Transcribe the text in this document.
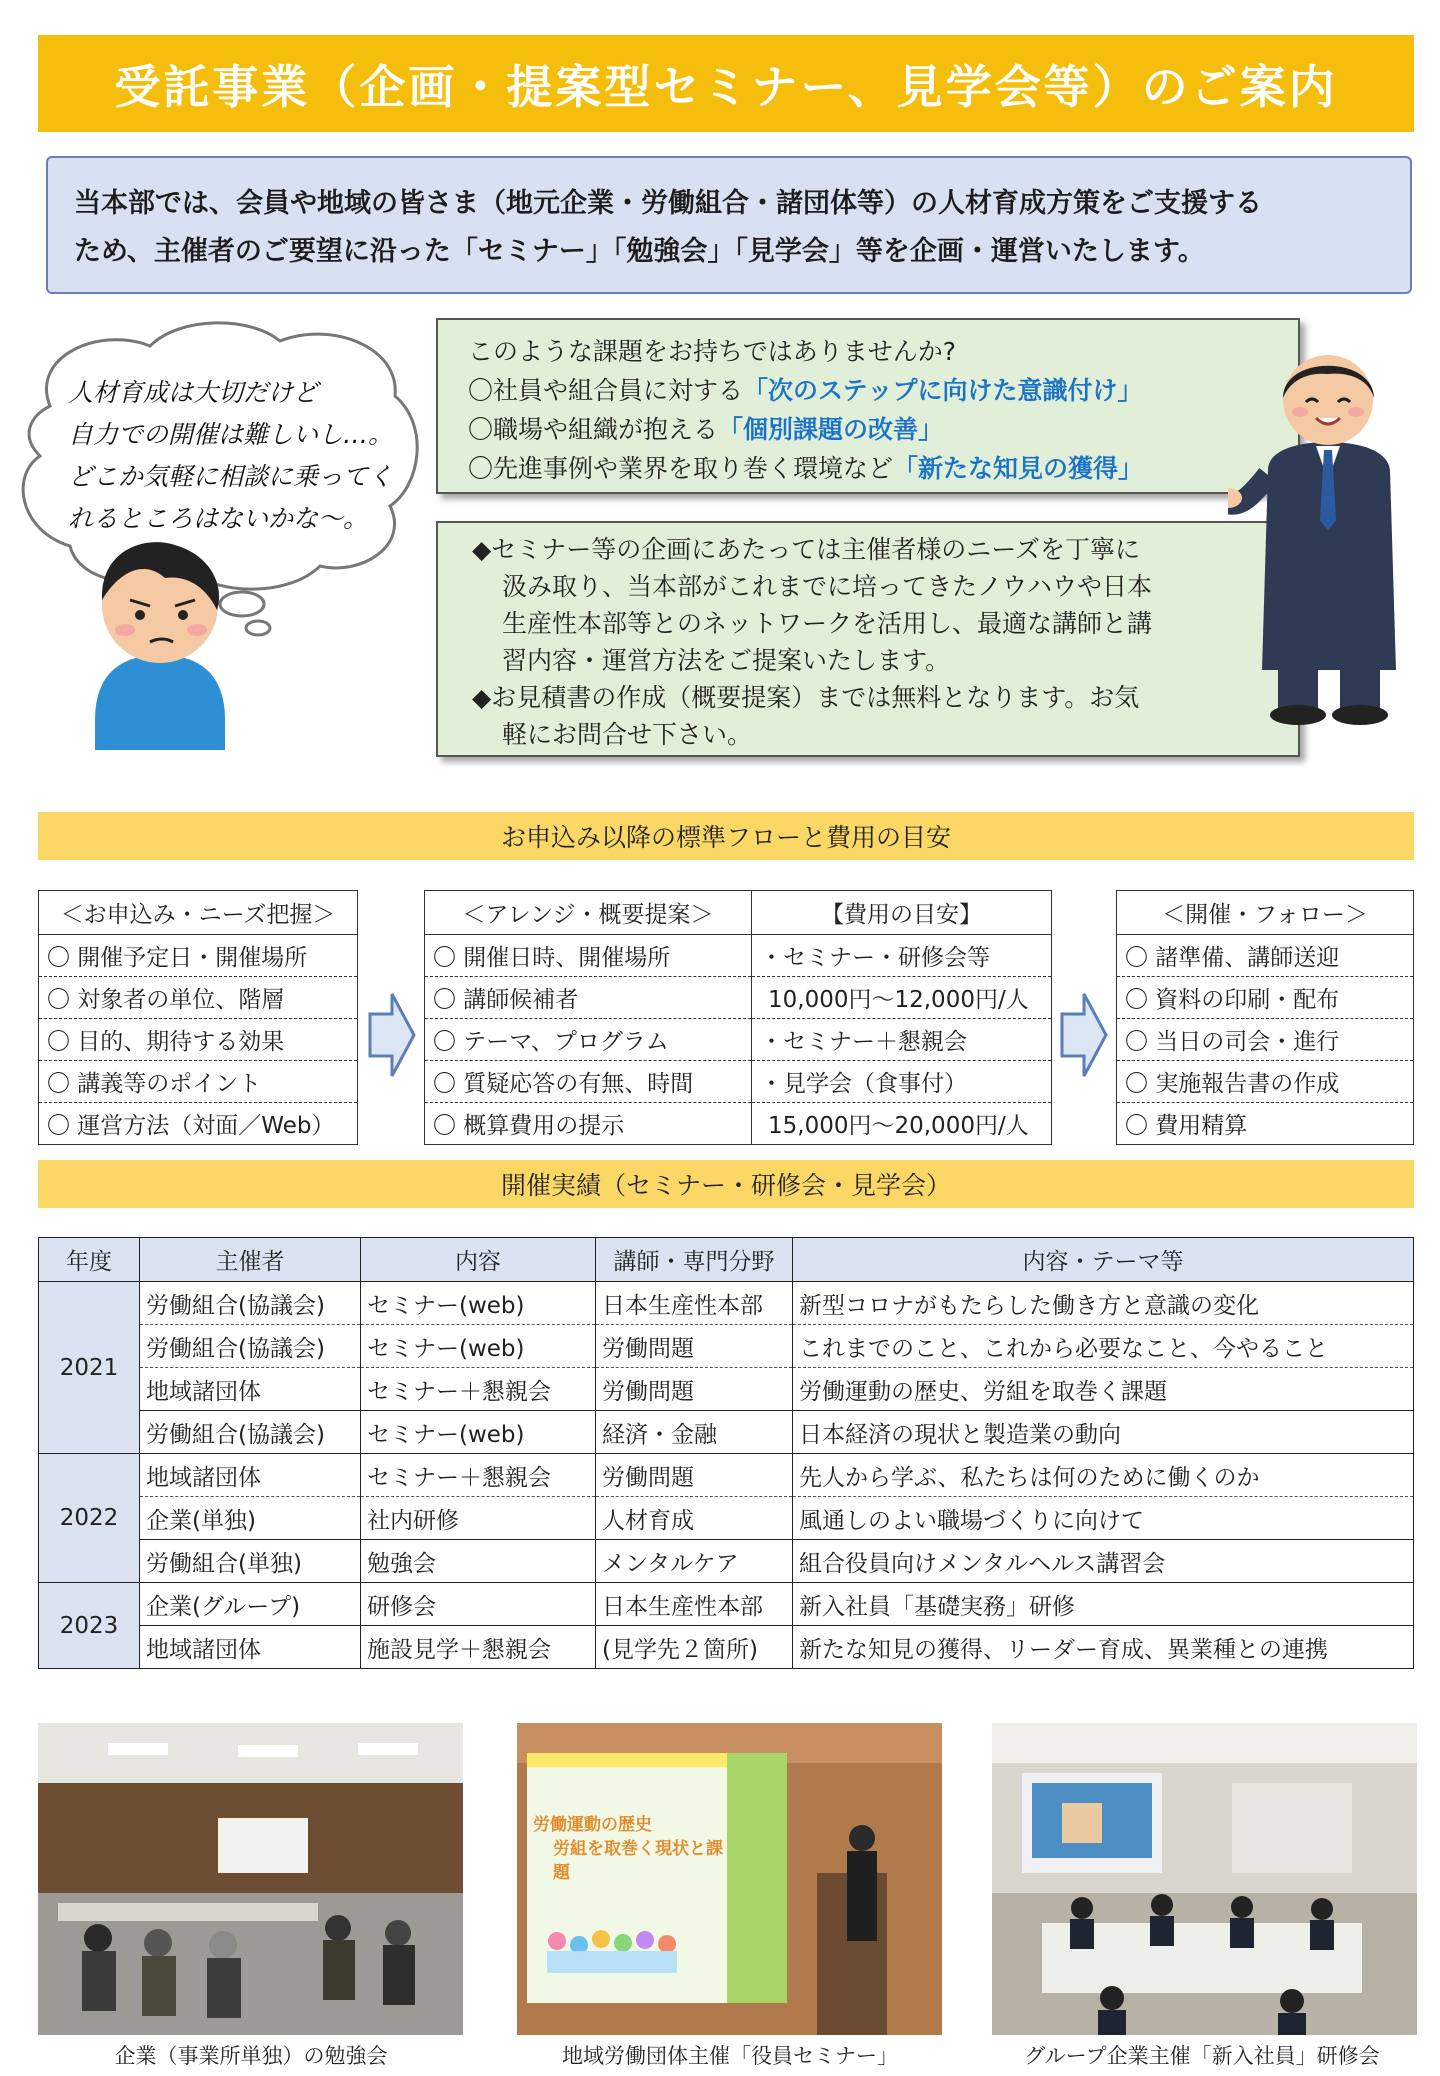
受託事業（企画・提案型セミナー、見学会等）のご案内

当本部では、会員や地域の皆さま（地元企業・労働組合・諸団体等）の人材育成方策をご支援する

ため、主催者のご要望に沿った「セミナー」「勉強会」「見学会」等を企画・運営いたします。

人材育成は大切だけど
自力での開催は難しいし…。
どこか気軽に相談に乗ってく
れるところはないかな～。
このような課題をお持ちではありませんか?
〇社員や組合員に対する「次のステップに向けた意識付け」
〇職場や組織が抱える「個別課題の改善」
〇先進事例や業界を取り巻く環境など「新たな知見の獲得」
◆セミナー等の企画にあたっては主催者様のニーズを丁寧に
汲み取り、当本部がこれまでに培ってきたノウハウや日本
生産性本部等とのネットワークを活用し、最適な講師と講
習内容・運営方法をご提案いたします。
◆お見積書の作成（概要提案）までは無料となります。お気
軽にお問合せ下さい。
お申込み以降の標準フローと費用の目安
＜お申込み・ニーズ把握＞
〇 開催予定日・開催場所
〇 対象者の単位、階層
〇 目的、期待する効果
〇 講義等のポイント
〇 運営方法（対面／Web）
＜アレンジ・概要提案＞	【費用の目安】
〇 開催日時、開催場所	・セミナー・研修会等
〇 講師候補者	10,000円～12,000円/人
〇 テーマ、プログラム	・セミナー＋懇親会
〇 質疑応答の有無、時間	・見学会（食事付）
〇 概算費用の提示	15,000円～20,000円/人
＜開催・フォロー＞
〇 諸準備、講師送迎
〇 資料の印刷・配布
〇 当日の司会・進行
〇 実施報告書の作成
〇 費用精算
開催実績（セミナー・研修会・見学会）
年度	主催者	内容	講師・専門分野	内容・テーマ等
2021	労働組合(協議会)	セミナー(web)	日本生産性本部	新型コロナがもたらした働き方と意識の変化
	労働組合(協議会)	セミナー(web)	労働問題	これまでのこと、これから必要なこと、今やること
	地域諸団体	セミナー＋懇親会	労働問題	労働運動の歴史、労組を取巻く課題
	労働組合(協議会)	セミナー(web)	経済・金融	日本経済の現状と製造業の動向
2022	地域諸団体	セミナー＋懇親会	労働問題	先人から学ぶ、私たちは何のために働くのか
	企業(単独)	社内研修	人材育成	風通しのよい職場づくりに向けて
	労働組合(単独)	勉強会	メンタルケア	組合役員向けメンタルヘルス講習会
2023	企業(グループ)	研修会	日本生産性本部	新入社員「基礎実務」研修
	地域諸団体	施設見学＋懇親会	(見学先２箇所)	新たな知見の獲得、リーダー育成、異業種との連携
企業（事業所単独）の勉強会
労働運動の歴史
労組を取巻く現状と課題
地域労働団体主催「役員セミナー」	グループ企業主催「新入社員」研修会
